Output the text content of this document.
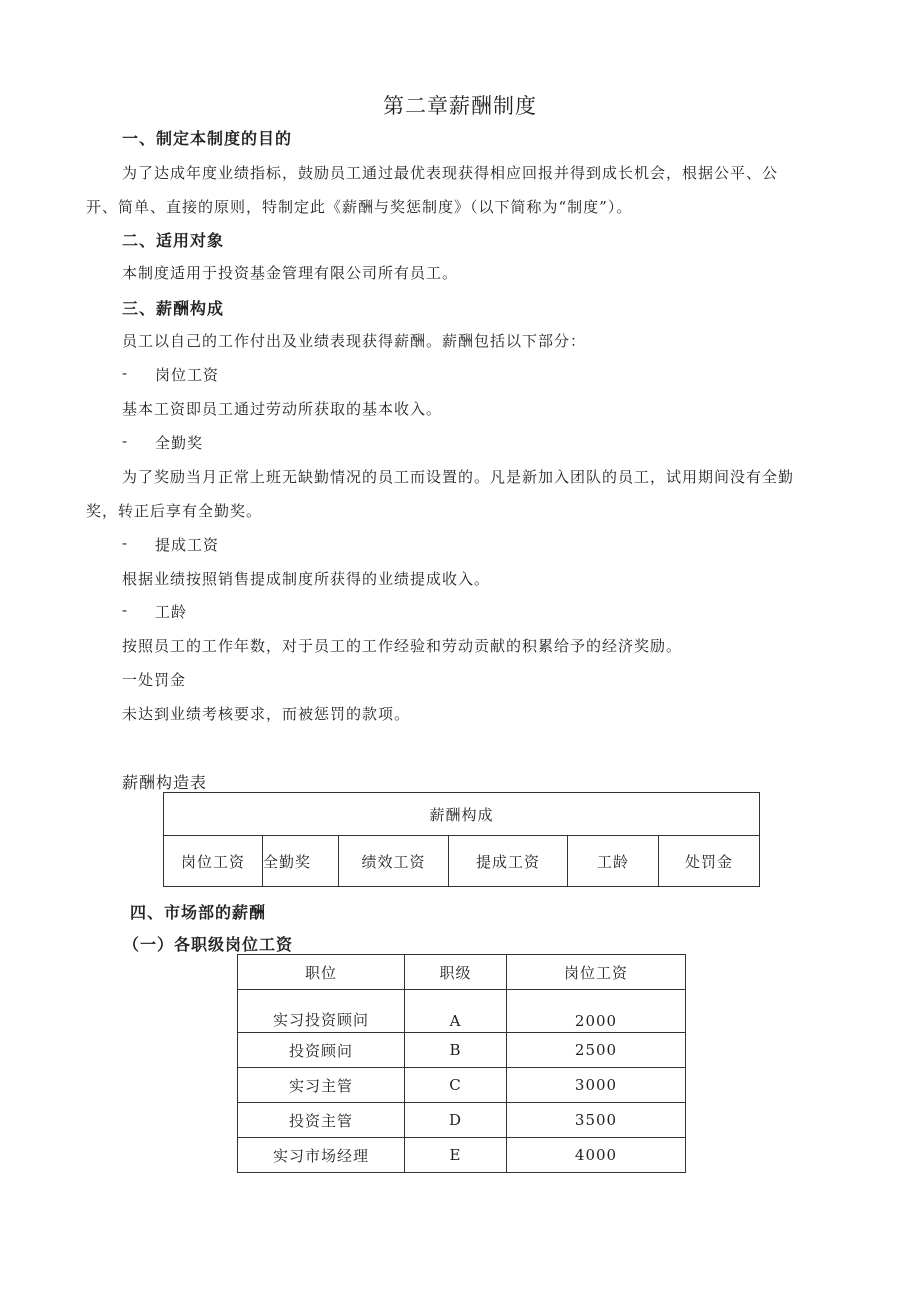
第二章薪酬制度
一、制定本制度的目的
为了达成年度业绩指标，鼓励员工通过最优表现获得相应回报并得到成长机会，根据公平、公
开、简单、直接的原则，特制定此《薪酬与奖惩制度》（以下简称为“制度”）。
二、适用对象
本制度适用于投资基金管理有限公司所有员工。
三、薪酬构成
员工以自己的工作付出及业绩表现获得薪酬。薪酬包括以下部分：
- 岗位工资
基本工资即员工通过劳动所获取的基本收入。
- 全勤奖
为了奖励当月正常上班无缺勤情况的员工而设置的。凡是新加入团队的员工，试用期间没有全勤
奖，转正后享有全勤奖。
- 提成工资
根据业绩按照销售提成制度所获得的业绩提成收入。
- 工龄
按照员工的工作年数，对于员工的工作经验和劳动贡献的积累给予的经济奖励。
一处罚金
未达到业绩考核要求，而被惩罚的款项。
薪酬构造表
薪酬构成
岗位工资	全勤奖	绩效工资	提成工资	工龄	处罚金
四、市场部的薪酬
（一）各职级岗位工资
职位	职级	岗位工资
实习投资顾问	A	2000
投资顾问	B	2500
实习主管	C	3000
投资主管	D	3500
实习市场经理	E	4000
